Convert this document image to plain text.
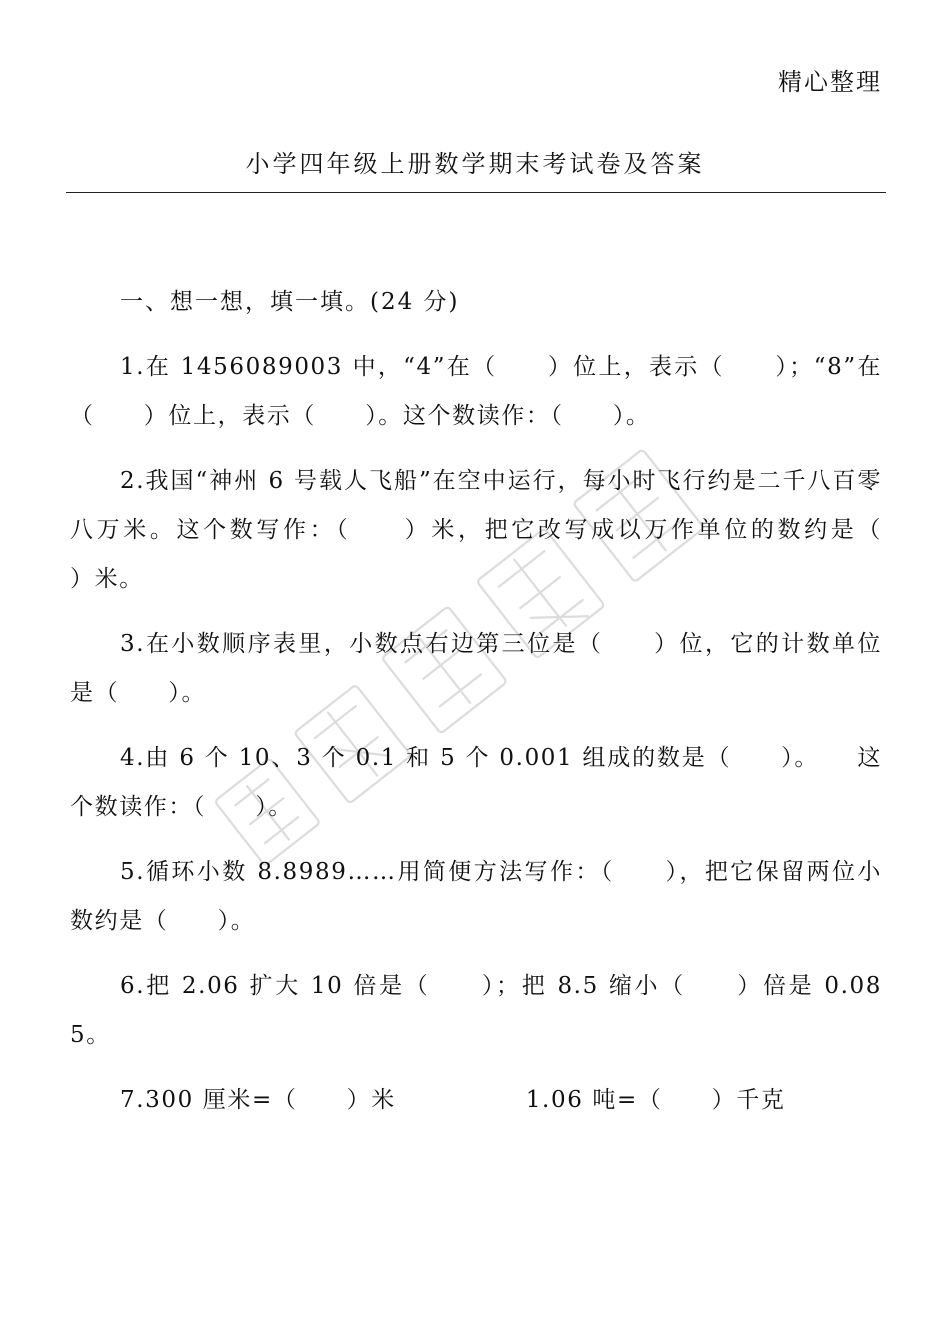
精心整理
小学四年级上册数学期末考试卷及答案

一、想一想，填一填。(24 分)

1.在 1456089003 中，“4”在（　　）位上，表示（　　）；“8”在（　　）位上，表示（　　）。这个数读作：（　　）。

2.我国“神州 6 号载人飞船”在空中运行，每小时飞行约是二千八百零八万米。这个数写作：（　　）米，把它改写成以万作单位的数约是（　　）米。

3.在小数顺序表里，小数点右边第三位是（　　）位，它的计数单位是（　　）。

4.由 6 个 10、3 个 0.1 和 5 个 0.001 组成的数是（　　）。　　这个数读作：（　　）。

5.循环小数 8.8989……用简便方法写作：（　　），把它保留两位小数约是（　　）。

6.把 2.06 扩大 10 倍是（　　）；把 8.5 缩小（　　）倍是 0.085。

7.300 厘米=（　　）米	1.06 吨=（　　）千克
